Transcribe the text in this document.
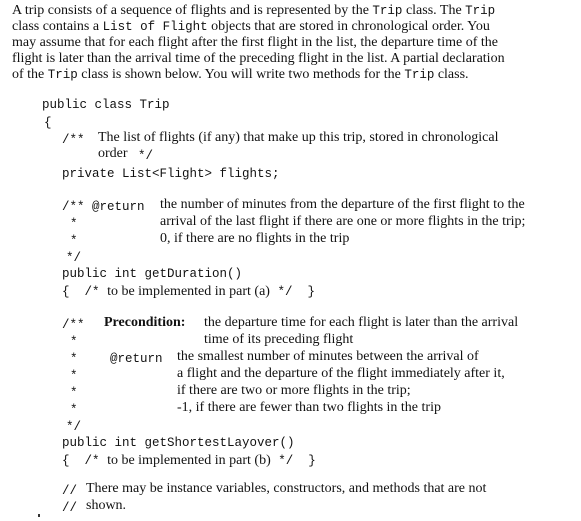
A trip consists of a sequence of flights and is represented by the Trip class. The Trip
class contains a List of Flight objects that are stored in chronological order. You
may assume that for each flight after the first flight in the list, the departure time of the
flight is later than the arrival time of the preceding flight in the list. A partial declaration
of the Trip class is shown below. You will write two methods for the Trip class.
public class Trip
{
/** The list of flights (if any) that make up this trip, stored in chronological
order */
private List<Flight> flights;
/** @return the number of minutes from the departure of the first flight to the
*	arrival of the last flight if there are one or more flights in the trip;
*	0, if there are no flights in the trip
*/
public int getDuration()
{ /* to be implemented in part (a) */ }
/** Precondition: the departure time for each flight is later than the arrival
*	time of its preceding flight
*	@return the smallest number of minutes between the arrival of
*	a flight and the departure of the flight immediately after it,
*	if there are two or more flights in the trip;
*	-1, if there are fewer than two flights in the trip
*/
public int getShortestLayover()
{ /* to be implemented in part (b) */ }
// There may be instance variables, constructors, and methods that are not
// shown.
